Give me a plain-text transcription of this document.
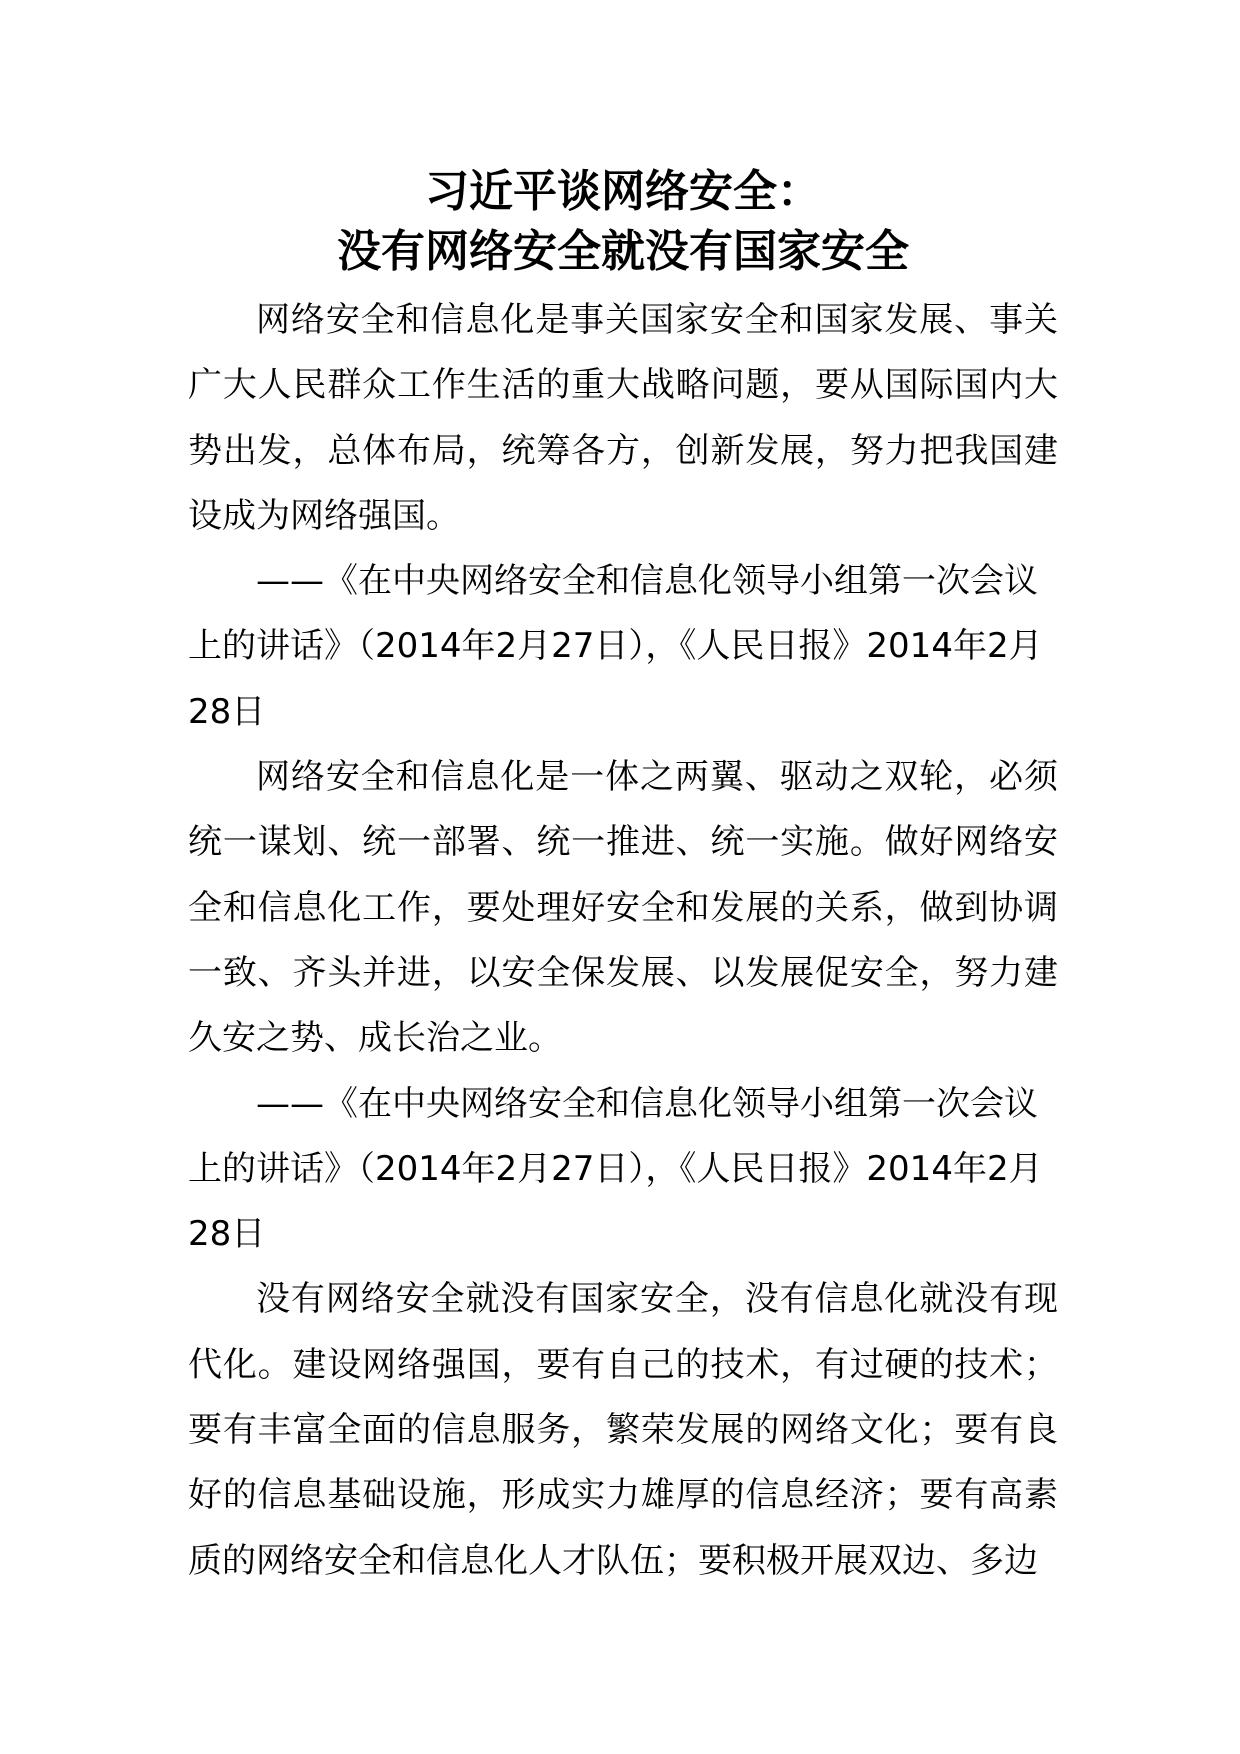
习近平谈网络安全：
没有网络安全就没有国家安全

网络安全和信息化是事关国家安全和国家发展、事关广大人民群众工作生活的重大战略问题，要从国际国内大势出发，总体布局，统筹各方，创新发展，努力把我国建设成为网络强国。

——《在中央网络安全和信息化领导小组第一次会议上的讲话》（2014年2月27日），《人民日报》2014年2月28日

网络安全和信息化是一体之两翼、驱动之双轮，必须统一谋划、统一部署、统一推进、统一实施。做好网络安全和信息化工作，要处理好安全和发展的关系，做到协调一致、齐头并进，以安全保发展、以发展促安全，努力建久安之势、成长治之业。

——《在中央网络安全和信息化领导小组第一次会议上的讲话》（2014年2月27日），《人民日报》2014年2月28日

没有网络安全就没有国家安全，没有信息化就没有现代化。建设网络强国，要有自己的技术，有过硬的技术；要有丰富全面的信息服务，繁荣发展的网络文化；要有良好的信息基础设施，形成实力雄厚的信息经济；要有高素质的网络安全和信息化人才队伍；要积极开展双边、多边
